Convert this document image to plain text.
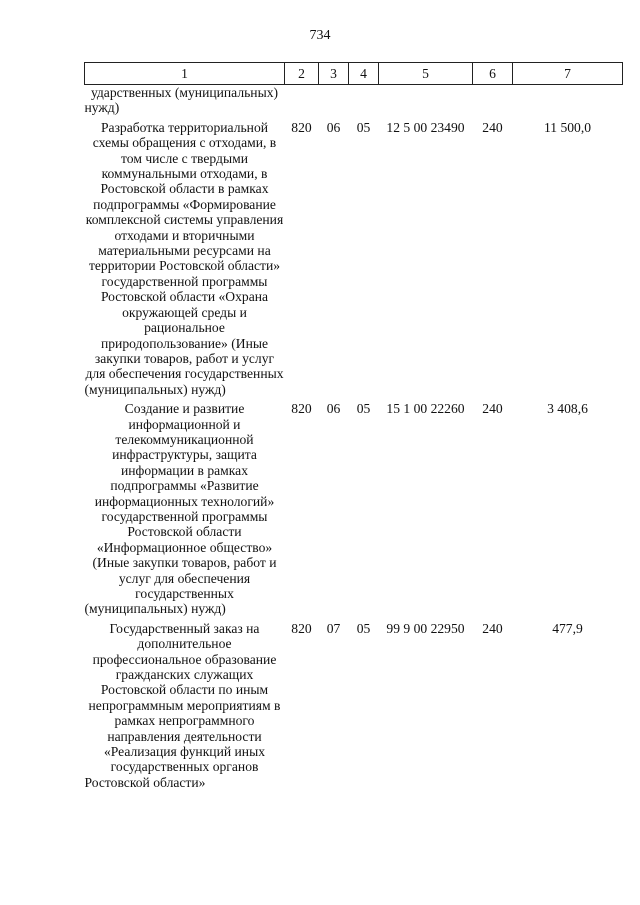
734
1	2	3	4	5	6	7
ударственных (муниципальных) нужд)						
Разработка территориальной схемы обращения с отходами, в том числе с твердыми коммунальными отходами, в Ростовской области в рамках подпрограммы «Формирование комплексной системы управления отходами и вторичными материальными ресурсами на территории Ростовской области» государственной программы Ростовской области «Охрана окружающей среды и рациональное природопользование» (Иные закупки товаров, работ и услуг для обеспечения государственных (муниципальных) нужд)	820	06	05	12 5 00 23490	240	11 500,0
Создание и развитие информационной и телекоммуникационной инфраструктуры, защита информации в рамках подпрограммы «Развитие информационных технологий» государственной программы Ростовской области «Информационное общество» (Иные закупки товаров, работ и услуг для обеспечения государственных (муниципальных) нужд)	820	06	05	15 1 00 22260	240	3 408,6
Государственный заказ на дополнительное профессиональное образование гражданских служащих Ростовской области по иным непрограммным мероприятиям в рамках непрограммного направления деятельности «Реализация функций иных государственных органов Ростовской области»	820	07	05	99 9 00 22950	240	477,9
